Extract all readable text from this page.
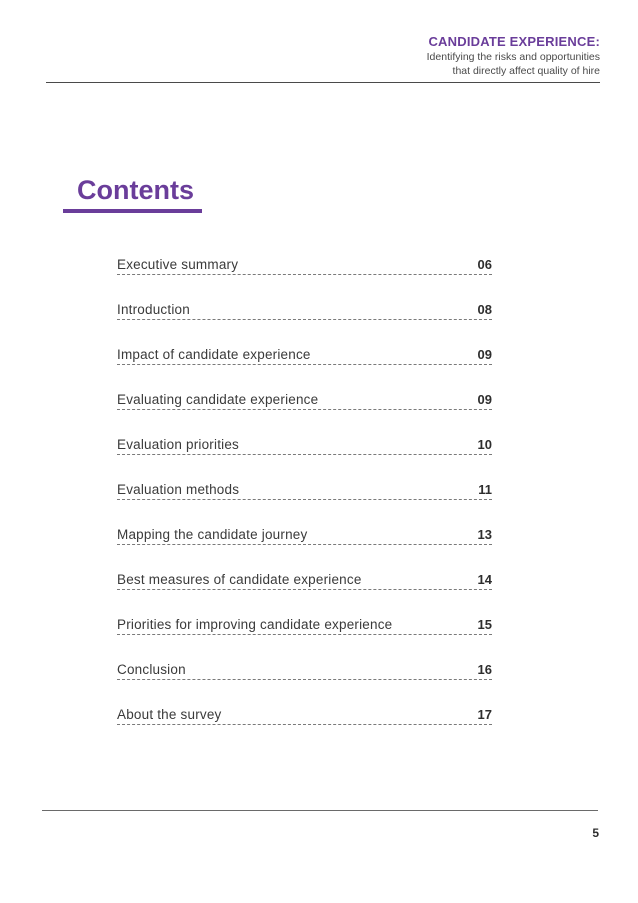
CANDIDATE EXPERIENCE:
Identifying the risks and opportunities
that directly affect quality of hire
Contents
Executive summary	06
Introduction	08
Impact of candidate experience	09
Evaluating candidate experience	09
Evaluation priorities	10
Evaluation methods	11
Mapping the candidate journey	13
Best measures of candidate experience	14
Priorities for improving candidate experience	15
Conclusion	16
About the survey	17
5
